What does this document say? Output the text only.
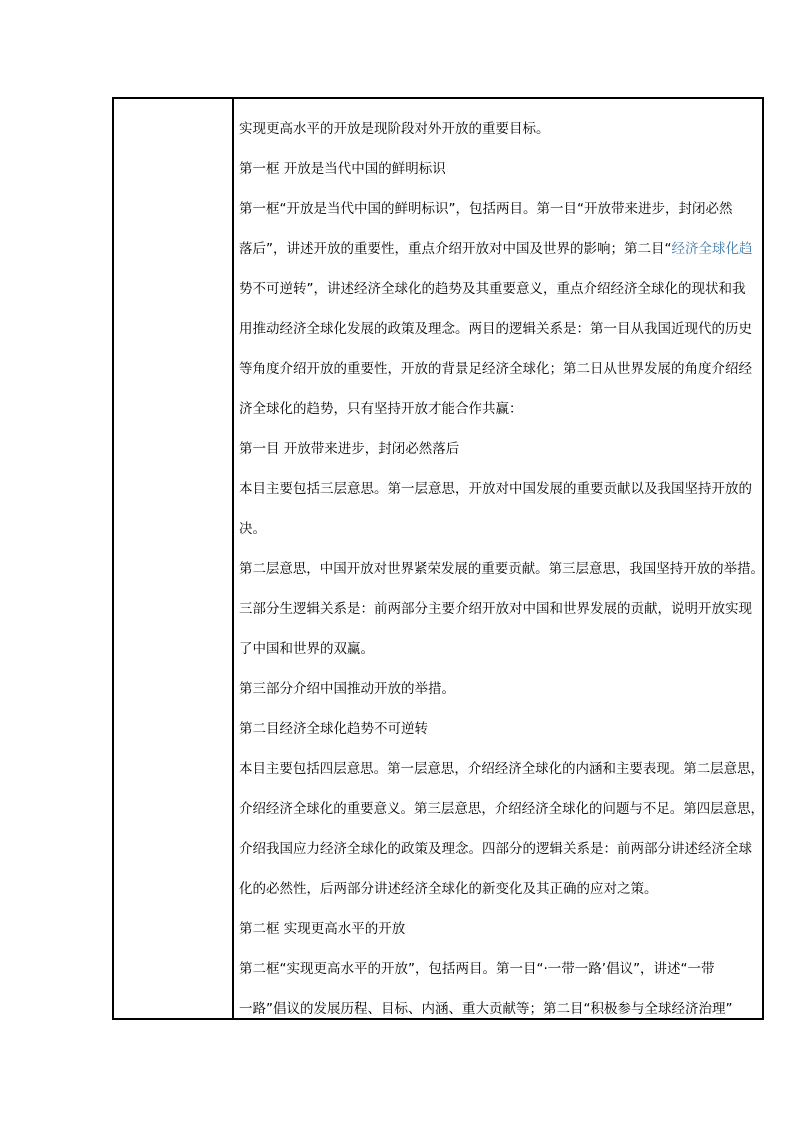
实现更高水平的开放是现阶段对外开放的重要目标。
第一框 开放是当代中国的鲜明标识
第一框“开放是当代中国的鲜明标识”，包括两目。第一目“开放带来进步，封闭必然
落后”，讲述开放的重要性，重点介绍开放对中国及世界的影响；第二目“经济全球化趋
势不可逆转”，讲述经济全球化的趋势及其重要意义，重点介绍经济全球化的现状和我
用推动经济全球化发展的政策及理念。两目的逻辑关系是：第一目从我国近现代的历史
等角度介绍开放的重要性，开放的背景足经济全球化；第二日从世界发展的角度介绍经
济全球化的趋势，只有坚持开放才能合作共赢：
第一目 开放带来进步，封闭必然落后
本目主要包括三层意思。第一层意思，开放对中国发展的重要贡献以及我国坚持开放的
决。
第二层意思，中国开放对世界紧荣发展的重要贡献。第三层意思，我国坚持开放的举措。
三部分生逻辑关系是：前两部分主要介绍开放对中国和世界发展的贡献，说明开放实现
了中国和世界的双赢。
第三部分介绍中国推动开放的举措。
第二目经济全球化趋势不可逆转
本目主要包括四层意思。第一层意思，介绍经济全球化的内涵和主要表现。第二层意思，
介绍经济全球化的重要意义。第三层意思，介绍经济全球化的问题与不足。第四层意思，
介绍我国应力经济全球化的政策及理念。四部分的逻辑关系是：前两部分讲述经济全球
化的必然性，后两部分讲述经济全球化的新变化及其正确的应对之策。
第二框 实现更高水平的开放
第二框“实现更高水平的开放”，包括两目。第一目“·一带一路’倡议”，讲述“一带
一路”倡议的发展历程、目标、内涵、重大贡献等；第二目“积极参与全球经济治理”
